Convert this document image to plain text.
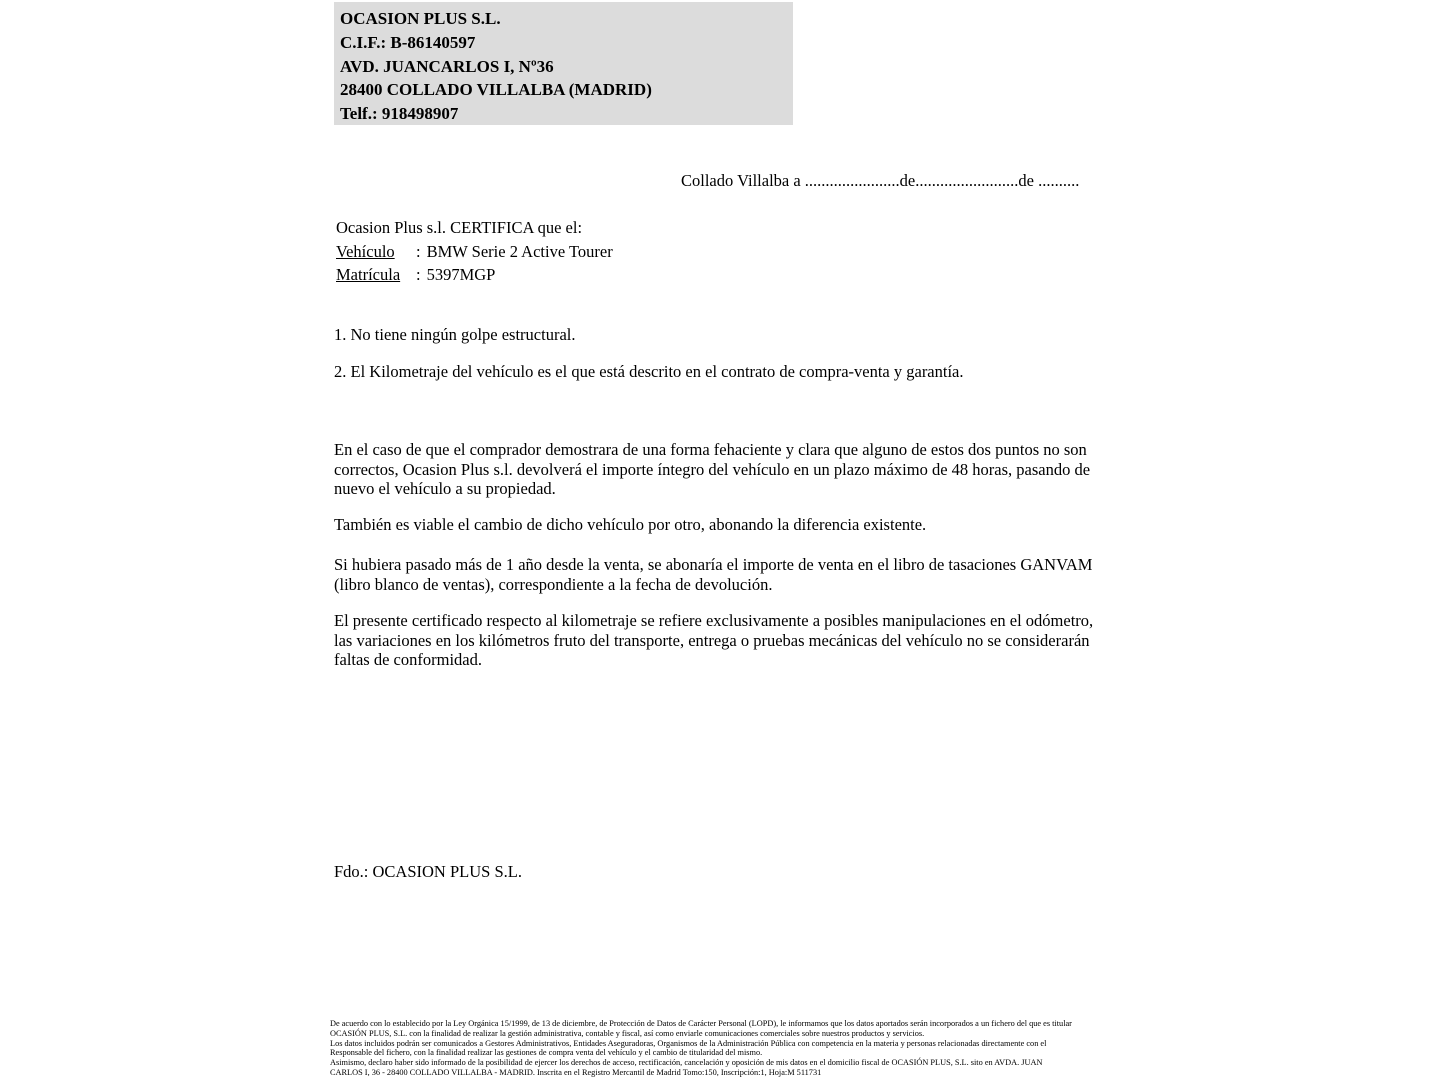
OCASION PLUS S.L.
C.I.F.: B-86140597
AVD. JUANCARLOS I, Nº36
28400 COLLADO VILLALBA (MADRID)
Telf.: 918498907
Collado Villalba a .......................de.........................de ..........
Ocasion Plus s.l. CERTIFICA que el:
Vehículo : BMW Serie 2 Active Tourer
Matrícula : 5397MGP
1. No tiene ningún golpe estructural.
2. El Kilometraje del vehículo es el que está descrito en el contrato de compra-venta y garantía.
En el caso de que el comprador demostrara de una forma fehaciente y clara que alguno de estos dos puntos no son correctos, Ocasion Plus s.l. devolverá el importe íntegro del vehículo en un plazo máximo de 48 horas, pasando de nuevo el vehículo a su propiedad.
También es viable el cambio de dicho vehículo por otro, abonando la diferencia existente.
Si hubiera pasado más de 1 año desde la venta, se abonaría el importe de venta en el libro de tasaciones GANVAM (libro blanco de ventas), correspondiente a la fecha de devolución.
El presente certificado respecto al kilometraje se refiere exclusivamente a posibles manipulaciones en el odómetro, las variaciones en los kilómetros fruto del transporte, entrega o pruebas mecánicas del vehículo no se considerarán faltas de conformidad.
Fdo.: OCASION PLUS S.L.
De acuerdo con lo establecido por la Ley Orgánica 15/1999, de 13 de diciembre, de Protección de Datos de Carácter Personal (LOPD), le informamos que los datos aportados serán incorporados a un fichero del que es titular
OCASIÓN PLUS, S.L. con la finalidad de realizar la gestión administrativa, contable y fiscal, así como enviarle comunicaciones comerciales sobre nuestros productos y servicios.
Los datos incluidos podrán ser comunicados a Gestores Administrativos, Entidades Aseguradoras, Organismos de la Administración Pública con competencia en la materia y personas relacionadas directamente con el
Responsable del fichero, con la finalidad realizar las gestiones de compra venta del vehículo y el cambio de titularidad del mismo.
Asimismo, declaro haber sido informado de la posibilidad de ejercer los derechos de acceso, rectificación, cancelación y oposición de mis datos en el domicilio fiscal de OCASIÓN PLUS, S.L. sito en AVDA. JUAN
CARLOS I, 36 - 28400 COLLADO VILLALBA - MADRID. Inscrita en el Registro Mercantil de Madrid Tomo:150, Inscripción:1, Hoja:M 511731
